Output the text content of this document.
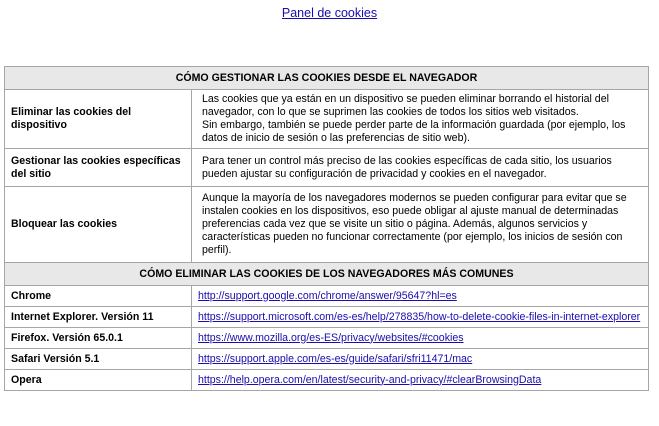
Panel de cookies
CÓMO GESTIONAR LAS COOKIES DESDE EL NAVEGADOR	
Eliminar las cookies del dispositivo	Las cookies que ya están en un dispositivo se pueden eliminar borrando el historial del navegador, con lo que se suprimen las cookies de todos los sitios web visitados.

Sin embargo, también se puede perder parte de la información guardada (por ejemplo, los datos de inicio de sesión o las preferencias de sitio web).

Gestionar las cookies específicas del sitio	Para tener un control más preciso de las cookies específicas de cada sitio, los usuarios pueden ajustar su configuración de privacidad y cookies en el navegador.
Bloquear las cookies	Aunque la mayoría de los navegadores modernos se pueden configurar para evitar que se instalen cookies en los dispositivos, eso puede obligar al ajuste manual de determinadas preferencias cada vez que se visite un sitio o página. Además, algunos servicios y características pueden no funcionar correctamente (por ejemplo, los inicios de sesión con perfil).
CÓMO ELIMINAR LAS COOKIES DE LOS NAVEGADORES MÁS COMUNES	
Chrome	http://support.google.com/chrome/answer/95647?hl=es
Internet Explorer. Versión 11	https://support.microsoft.com/es-es/help/278835/how-to-delete-cookie-files-in-internet-explorer
Firefox. Versión 65.0.1	https://www.mozilla.org/es-ES/privacy/websites/#cookies
Safari Versión 5.1	https://support.apple.com/es-es/guide/safari/sfri11471/mac
Opera	https://help.opera.com/en/latest/security-and-privacy/#clearBrowsingData
